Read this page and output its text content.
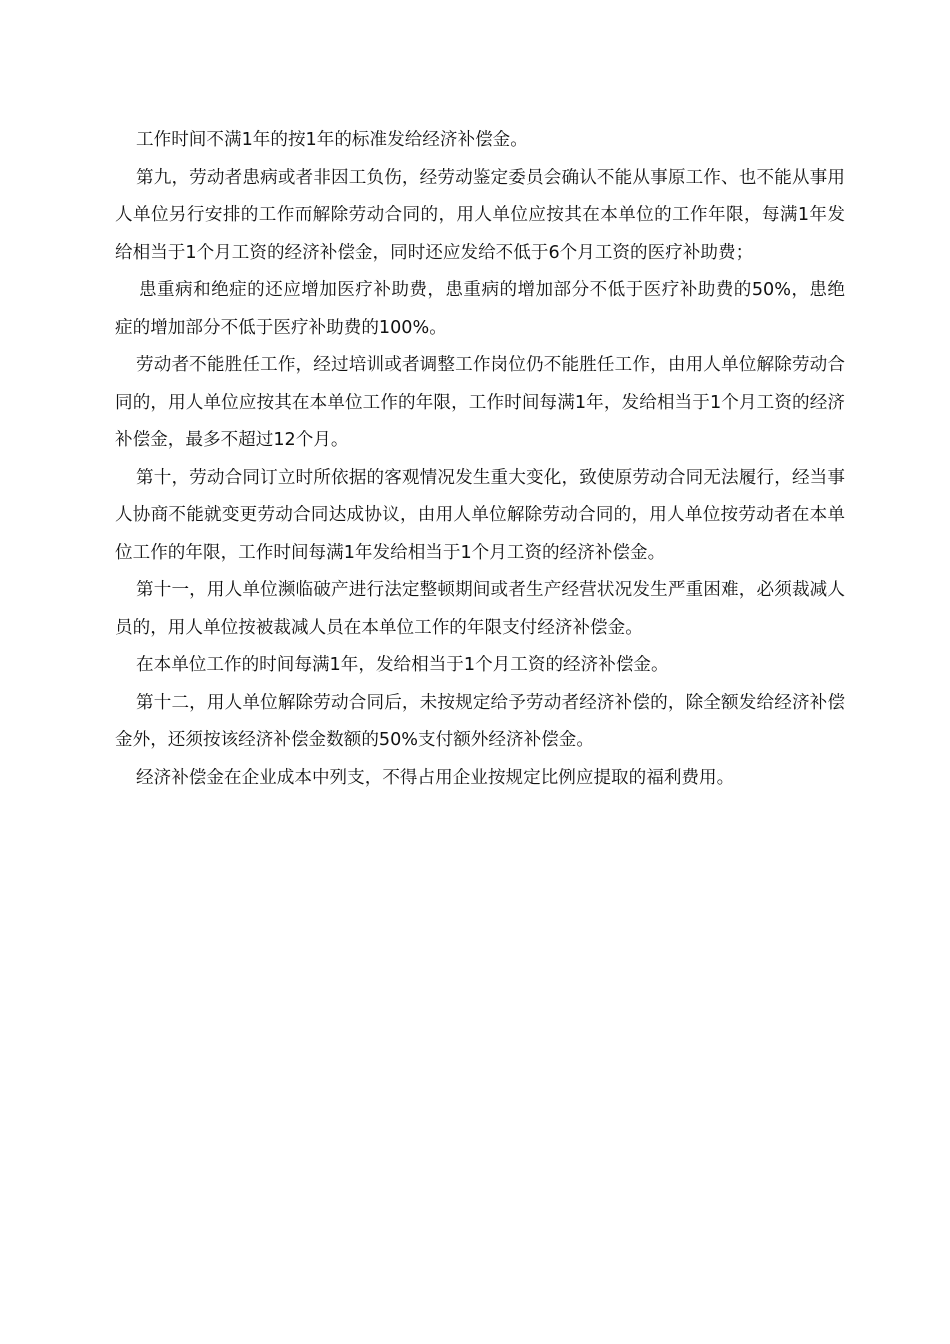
工作时间不满1年的按1年的标准发给经济补偿金。

第九，劳动者患病或者非因工负伤，经劳动鉴定委员会确认不能从事原工作、也不能从事用人单位另行安排的工作而解除劳动合同的，用人单位应按其在本单位的工作年限，每满1年发给相当于1个月工资的经济补偿金，同时还应发给不低于6个月工资的医疗补助费；

患重病和绝症的还应增加医疗补助费，患重病的增加部分不低于医疗补助费的50%，患绝症的增加部分不低于医疗补助费的100%。

劳动者不能胜任工作，经过培训或者调整工作岗位仍不能胜任工作，由用人单位解除劳动合同的，用人单位应按其在本单位工作的年限，工作时间每满1年，发给相当于1个月工资的经济补偿金，最多不超过12个月。

第十，劳动合同订立时所依据的客观情况发生重大变化，致使原劳动合同无法履行，经当事人协商不能就变更劳动合同达成协议，由用人单位解除劳动合同的，用人单位按劳动者在本单位工作的年限，工作时间每满1年发给相当于1个月工资的经济补偿金。

第十一，用人单位濒临破产进行法定整顿期间或者生产经营状况发生严重困难，必须裁减人员的，用人单位按被裁减人员在本单位工作的年限支付经济补偿金。

在本单位工作的时间每满1年，发给相当于1个月工资的经济补偿金。

第十二，用人单位解除劳动合同后，未按规定给予劳动者经济补偿的，除全额发给经济补偿金外，还须按该经济补偿金数额的50%支付额外经济补偿金。

经济补偿金在企业成本中列支，不得占用企业按规定比例应提取的福利费用。
